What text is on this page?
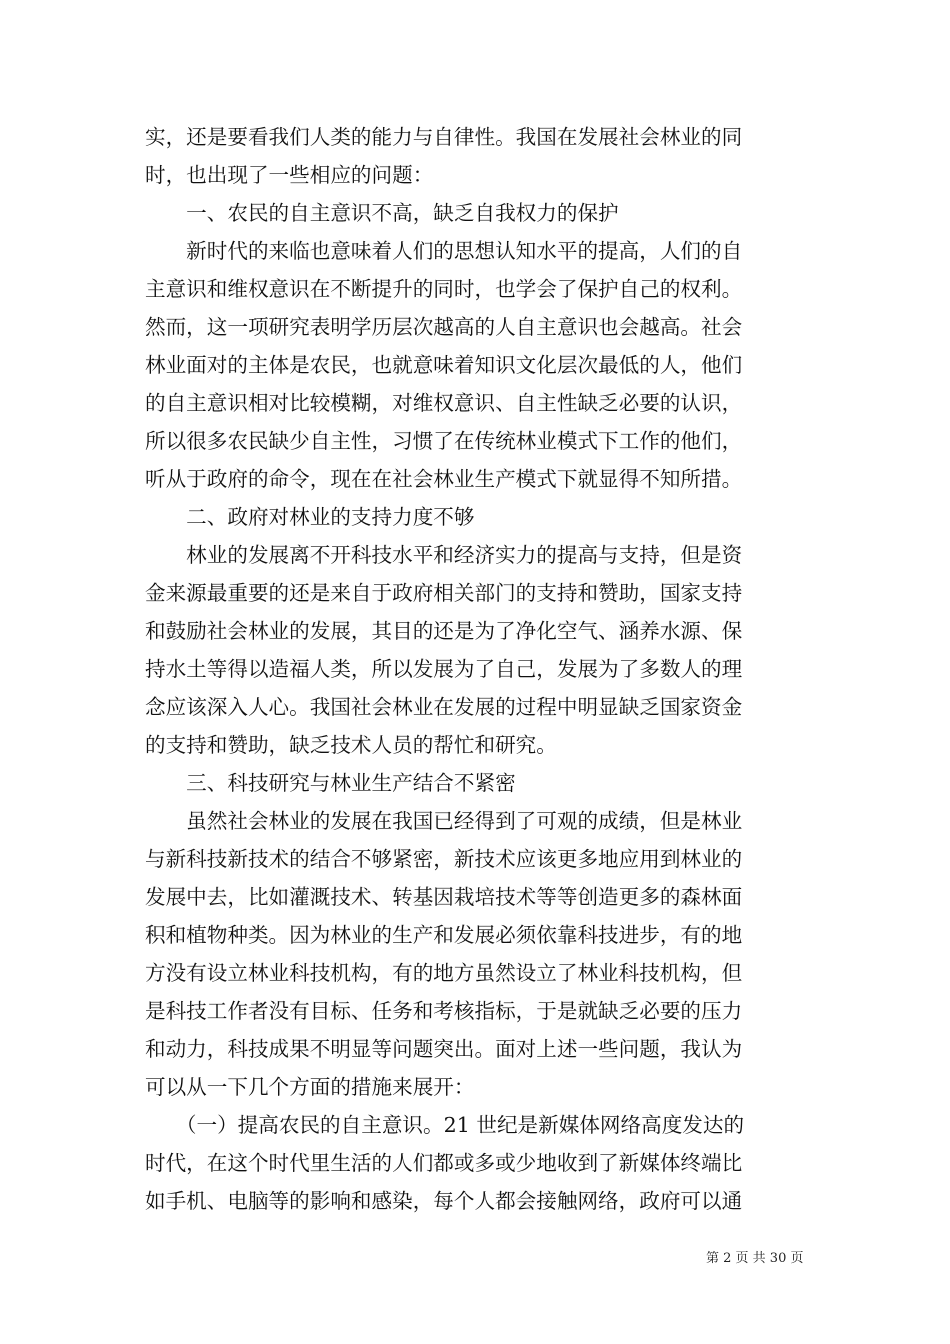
实，还是要看我们人类的能力与自律性。我国在发展社会林业的同
时，也出现了一些相应的问题：
　　一、农民的自主意识不高，缺乏自我权力的保护
　　新时代的来临也意味着人们的思想认知水平的提高，人们的自
主意识和维权意识在不断提升的同时，也学会了保护自己的权利。
然而，这一项研究表明学历层次越高的人自主意识也会越高。社会
林业面对的主体是农民，也就意味着知识文化层次最低的人，他们
的自主意识相对比较模糊，对维权意识、自主性缺乏必要的认识，
所以很多农民缺少自主性，习惯了在传统林业模式下工作的他们，
听从于政府的命令，现在在社会林业生产模式下就显得不知所措。
　　二、政府对林业的支持力度不够
　　林业的发展离不开科技水平和经济实力的提高与支持，但是资
金来源最重要的还是来自于政府相关部门的支持和赞助，国家支持
和鼓励社会林业的发展，其目的还是为了净化空气、涵养水源、保
持水土等得以造福人类，所以发展为了自己，发展为了多数人的理
念应该深入人心。我国社会林业在发展的过程中明显缺乏国家资金
的支持和赞助，缺乏技术人员的帮忙和研究。
　　三、科技研究与林业生产结合不紧密
　　虽然社会林业的发展在我国已经得到了可观的成绩，但是林业
与新科技新技术的结合不够紧密，新技术应该更多地应用到林业的
发展中去，比如灌溉技术、转基因栽培技术等等创造更多的森林面
积和植物种类。因为林业的生产和发展必须依靠科技进步，有的地
方没有设立林业科技机构，有的地方虽然设立了林业科技机构，但
是科技工作者没有目标、任务和考核指标，于是就缺乏必要的压力
和动力，科技成果不明显等问题突出。面对上述一些问题，我认为
可以从一下几个方面的措施来展开：
　　（一）提高农民的自主意识。21 世纪是新媒体网络高度发达的
时代，在这个时代里生活的人们都或多或少地收到了新媒体终端比
如手机、电脑等的影响和感染，每个人都会接触网络，政府可以通
第 2 页 共 30 页
